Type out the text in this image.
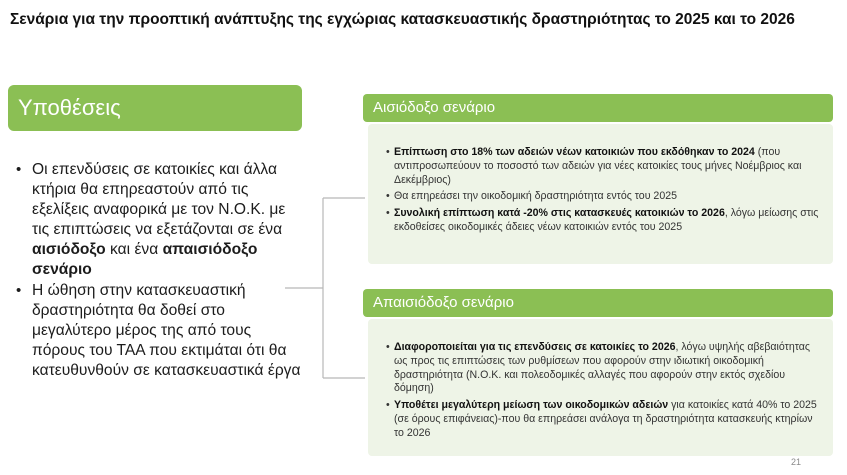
Σενάρια για την προοπτική ανάπτυξης της εγχώριας κατασκευαστικής δραστηριότητας το 2025 και το 2026
Υποθέσεις
• Οι επενδύσεις σε κατοικίες και άλλα κτήρια θα επηρεαστούν από τις εξελίξεις αναφορικά με τον Ν.Ο.Κ. με τις επιπτώσεις να εξετάζονται σε ένα αισιόδοξο και ένα απαισιόδοξο σενάριο
• Η ώθηση στην κατασκευαστική δραστηριότητα θα δοθεί στο μεγαλύτερο μέρος της από τους πόρους του ΤΑΑ που εκτιμάται ότι θα κατευθυνθούν σε κατασκευαστικά έργα
Αισιόδοξο σενάριο
• Επίπτωση στο 18% των αδειών νέων κατοικιών που εκδόθηκαν το 2024 (που αντιπροσωπεύουν το ποσοστό των αδειών για νέες κατοικίες τους μήνες Νοέμβριος και Δεκέμβριος)
• Θα επηρεάσει την οικοδομική δραστηριότητα εντός του 2025
• Συνολική επίπτωση κατά -20% στις κατασκευές κατοικιών το 2026, λόγω μείωσης στις εκδοθείσες οικοδομικές άδειες νέων κατοικιών εντός του 2025
Απαισιόδοξο σενάριο
• Διαφοροποιείται για τις επενδύσεις σε κατοικίες το 2026, λόγω υψηλής αβεβαιότητας ως προς τις επιπτώσεις των ρυθμίσεων που αφορούν στην ιδιωτική οικοδομική δραστηριότητα (Ν.Ο.Κ. και πολεοδομικές αλλαγές που αφορούν στην εκτός σχεδίου δόμηση)
• Υποθέτει μεγαλύτερη μείωση των οικοδομικών αδειών για κατοικίες κατά 40% το 2025 (σε όρους επιφάνειας)-που θα επηρεάσει ανάλογα τη δραστηριότητα κατασκευής κτηρίων το 2026
21
